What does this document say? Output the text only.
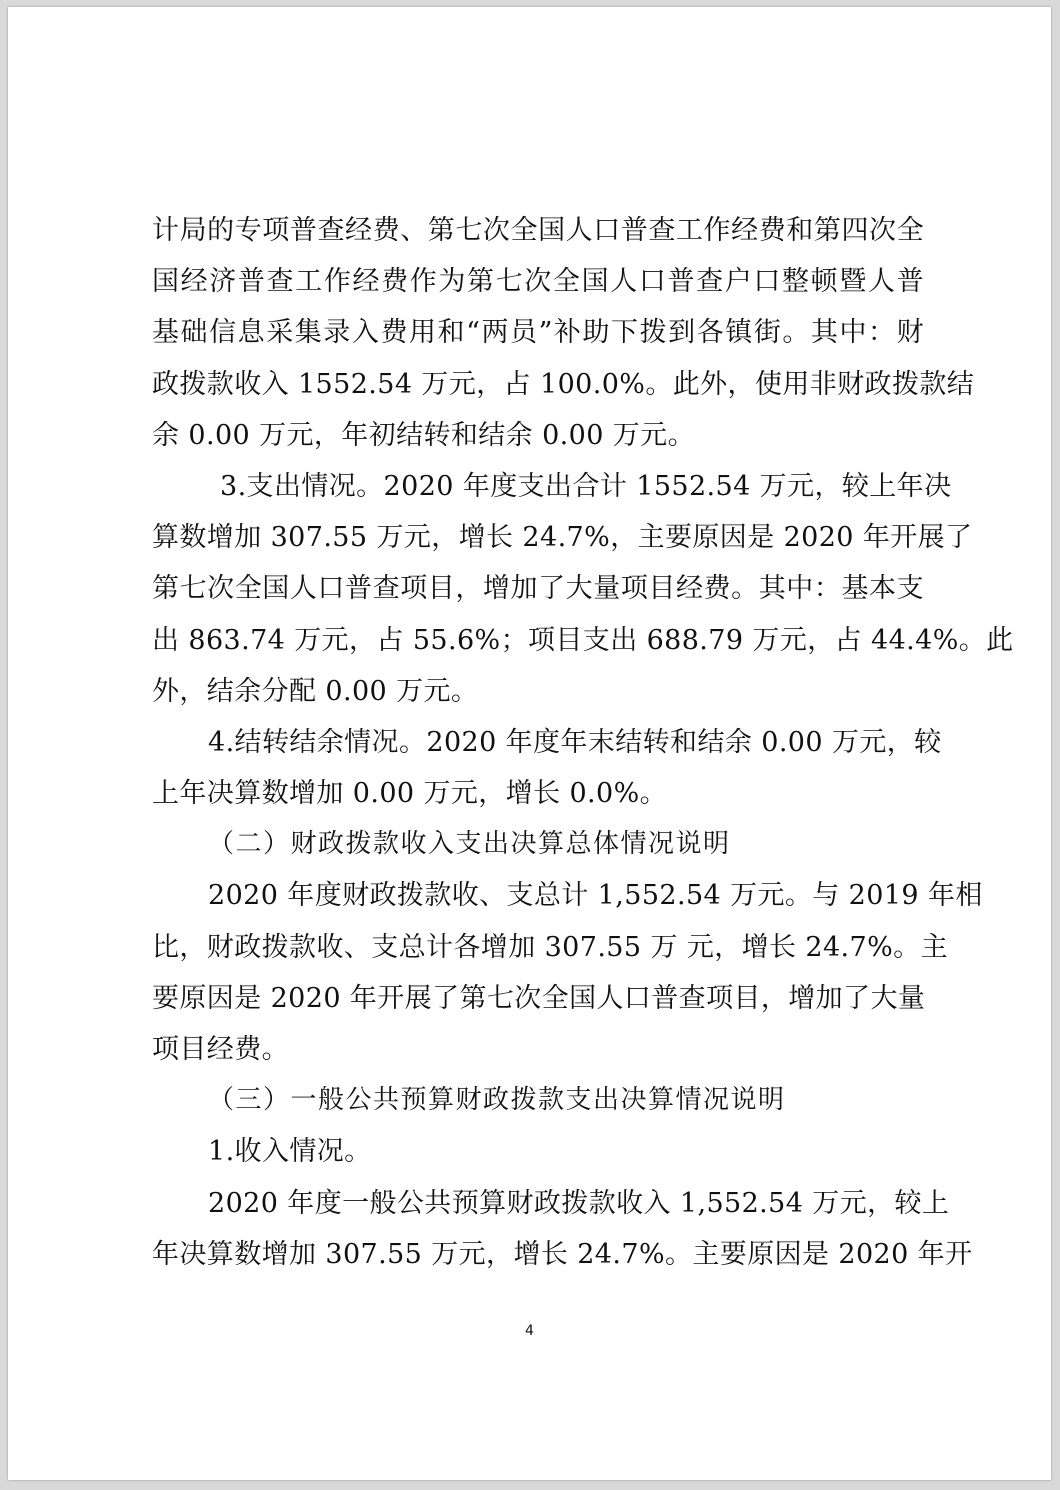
计局的专项普查经费、第七次全国人口普查工作经费和第四次全
国经济普查工作经费作为第七次全国人口普查户口整顿暨人普
基础信息采集录入费用和“两员”补助下拨到各镇街。其中：财
政拨款收入 1552.54 万元，占 100.0%。此外，使用非财政拨款结
余 0.00 万元，年初结转和结余 0.00 万元。
3.支出情况。2020 年度支出合计 1552.54 万元，较上年决
算数增加 307.55 万元，增长 24.7%，主要原因是 2020 年开展了
第七次全国人口普查项目，增加了大量项目经费。其中：基本支
出 863.74 万元，占 55.6%；项目支出 688.79 万元，占 44.4%。此
外，结余分配 0.00 万元。
4.结转结余情况。2020 年度年末结转和结余 0.00 万元，较
上年决算数增加 0.00 万元，增长 0.0%。
（二）财政拨款收入支出决算总体情况说明
2020 年度财政拨款收、支总计 1,552.54 万元。与 2019 年相
比，财政拨款收、支总计各增加 307.55 万 元，增长 24.7%。主
要原因是 2020 年开展了第七次全国人口普查项目，增加了大量
项目经费。
（三）一般公共预算财政拨款支出决算情况说明
1.收入情况。
2020 年度一般公共预算财政拨款收入 1,552.54 万元，较上
年决算数增加 307.55 万元，增长 24.7%。主要原因是 2020 年开
4
